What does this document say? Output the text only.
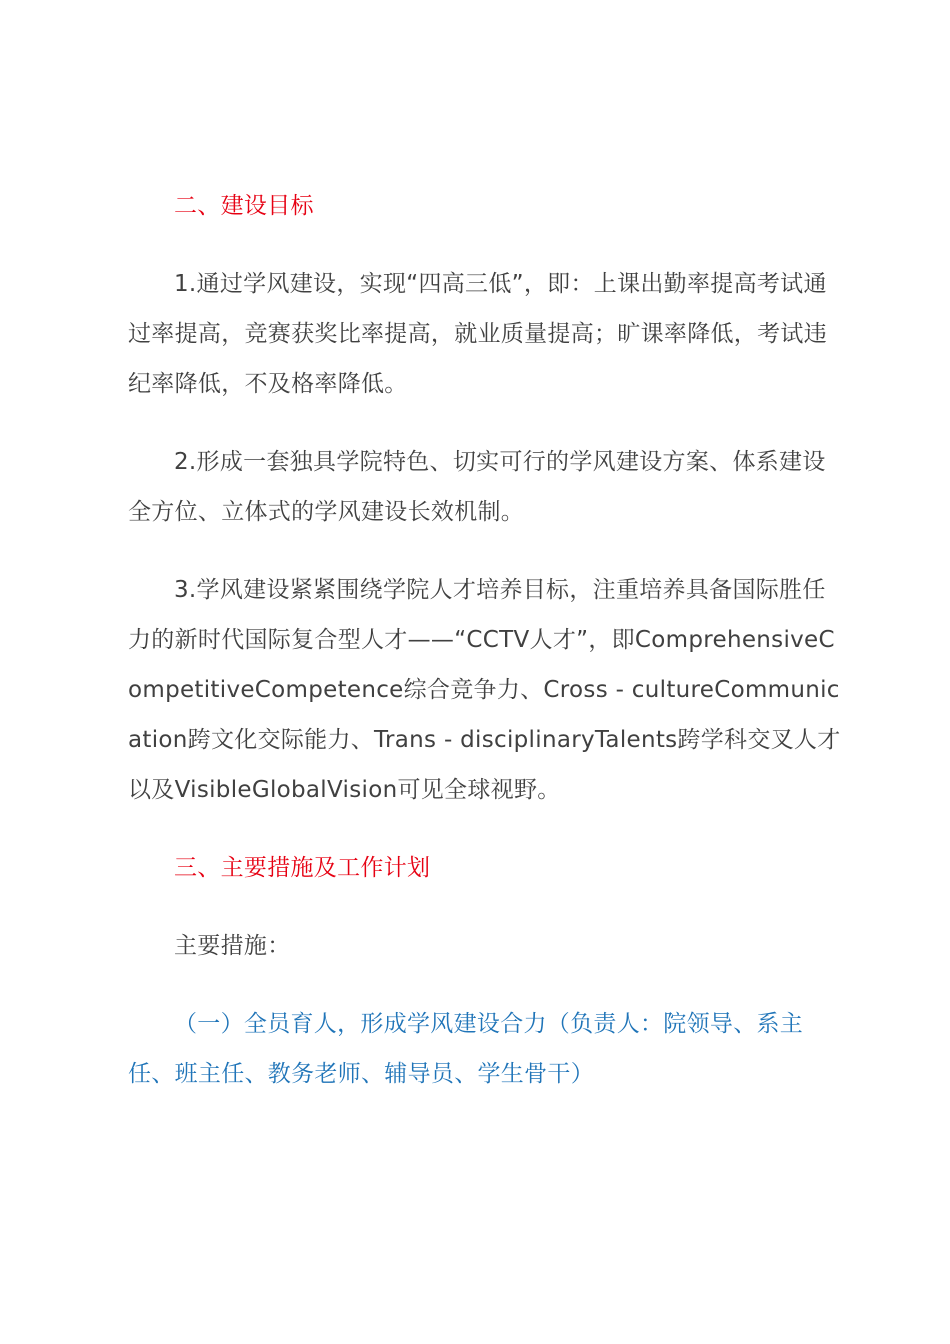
二、建设目标

1.通过学风建设，实现“四高三低”，即：上课出勤率提高考试通过率提高，竞赛获奖比率提高，就业质量提高；旷课率降低，考试违纪率降低，不及格率降低。

2.形成一套独具学院特色、切实可行的学风建设方案、体系建设全方位、立体式的学风建设长效机制。

3.学风建设紧紧围绕学院人才培养目标，注重培养具备国际胜任力的新时代国际复合型人才——“CCTV人才”，即ComprehensiveCompetitiveCompetence综合竞争力、Cross - cultureCommunication跨文化交际能力、Trans - disciplinaryTalents跨学科交叉人才以及VisibleGlobalVision可见全球视野。

三、主要措施及工作计划

主要措施：

（一）全员育人，形成学风建设合力（负责人：院领导、系主任、班主任、教务老师、辅导员、学生骨干）
